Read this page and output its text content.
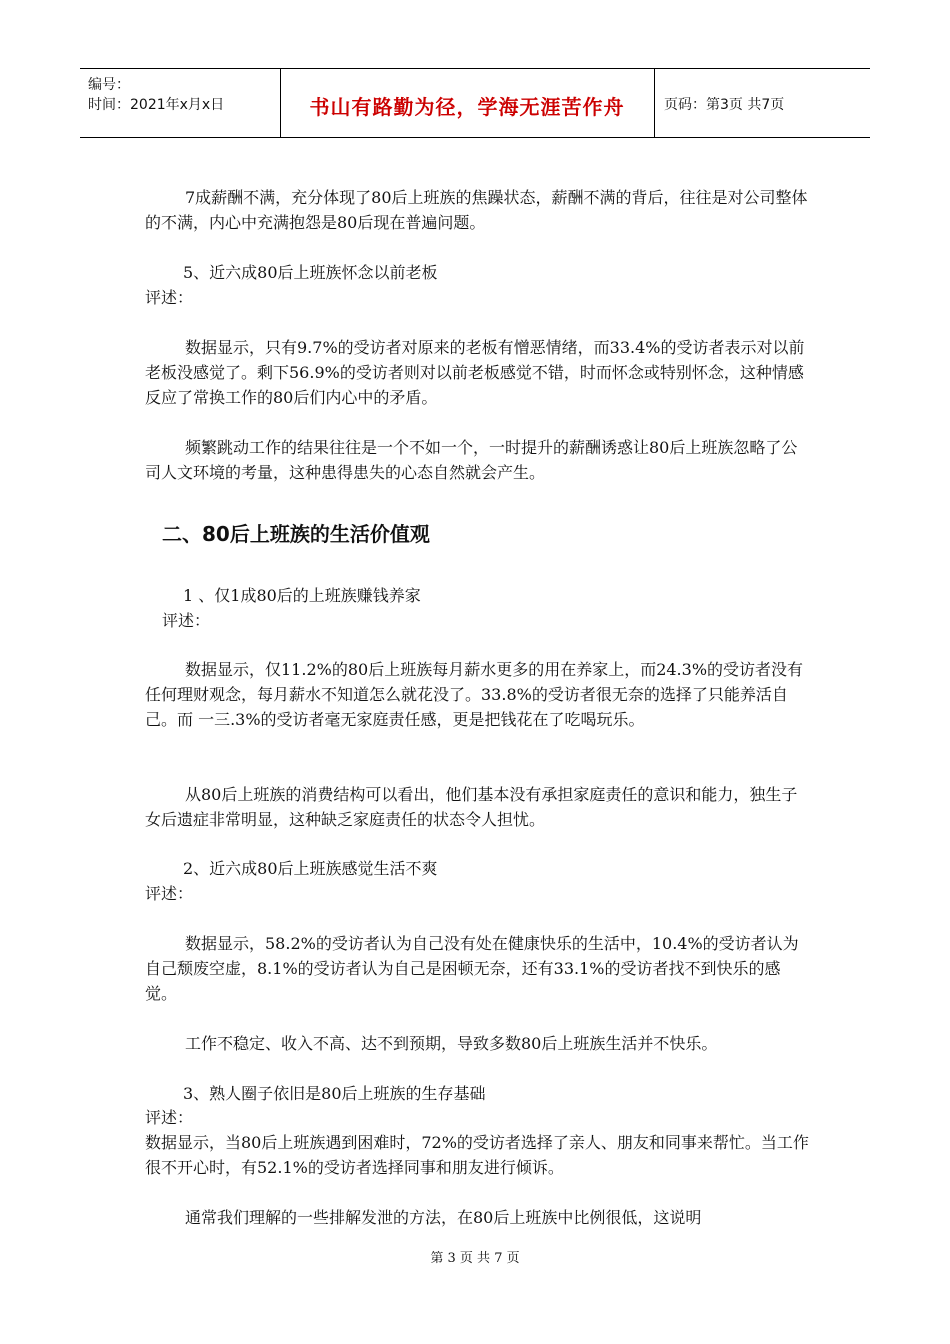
编号：
时间：2021年x月x日	书山有路勤为径，学海无涯苦作舟	页码：第3页 共7页

7成薪酬不满，充分体现了80后上班族的焦躁状态，薪酬不满的背后，往往是对公司整体的不满，内心中充满抱怨是80后现在普遍问题。

5、近六成80后上班族怀念以前老板
评述：

数据显示，只有9.7%的受访者对原来的老板有憎恶情绪，而33.4%的受访者表示对以前老板没感觉了。剩下56.9%的受访者则对以前老板感觉不错，时而怀念或特别怀念，这种情感反应了常换工作的80后们内心中的矛盾。

频繁跳动工作的结果往往是一个不如一个，一时提升的薪酬诱惑让80后上班族忽略了公司人文环境的考量，这种患得患失的心态自然就会产生。

二、80后上班族的生活价值观
1 、仅1成80后的上班族赚钱养家
评述：

数据显示，仅11.2%的80后上班族每月薪水更多的用在养家上，而24.3%的受访者没有任何理财观念，每月薪水不知道怎么就花没了。33.8%的受访者很无奈的选择了只能养活自己。而 一三.3%的受访者毫无家庭责任感，更是把钱花在了吃喝玩乐。

从80后上班族的消费结构可以看出，他们基本没有承担家庭责任的意识和能力，独生子女后遗症非常明显，这种缺乏家庭责任的状态令人担忧。

2、近六成80后上班族感觉生活不爽
评述：

数据显示，58.2%的受访者认为自己没有处在健康快乐的生活中，10.4%的受访者认为自己颓废空虚，8.1%的受访者认为自己是困顿无奈，还有33.1%的受访者找不到快乐的感觉。

工作不稳定、收入不高、达不到预期，导致多数80后上班族生活并不快乐。

3、熟人圈子依旧是80后上班族的生存基础
评述：

数据显示，当80后上班族遇到困难时，72%的受访者选择了亲人、朋友和同事来帮忙。当工作很不开心时，有52.1%的受访者选择同事和朋友进行倾诉。

通常我们理解的一些排解发泄的方法，在80后上班族中比例很低，这说明

第 3 页 共 7 页
